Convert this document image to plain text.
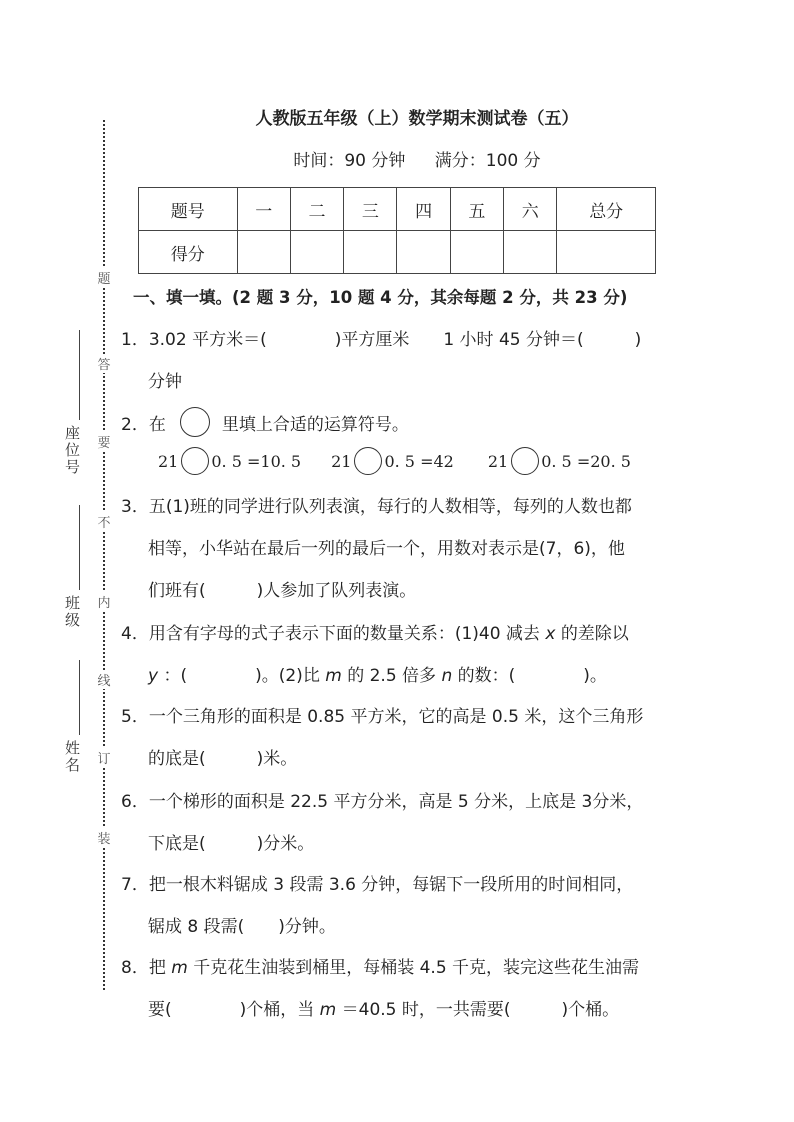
题
答
要
不
内
线
订
装
座位号
班级
姓名
人教版五年级（上）数学期末测试卷（五）
时间：90 分钟 满分：100 分
题号	一	二	三	四	五	六	总分
得分							
一、填一填。(2 题 3 分，10 题 4 分，其余每题 2 分，共 23 分)
1．3.02 平方米＝(　　　　)平方厘米　　1 小时 45 分钟＝(　　　)
分钟
2．在	里填上合适的运算符号。
21 0. 5 =10. 5 21 0. 5 =42 21 0. 5 =20. 5
3．五(1)班的同学进行队列表演，每行的人数相等，每列的人数也都
相等，小华站在最后一列的最后一个，用数对表示是(7，6)，他
们班有(　　　)人参加了队列表演。
4．用含有字母的式子表示下面的数量关系：(1)40 减去 x 的差除以
y ：(　　　　)。(2)比 m 的 2.5 倍多 n 的数：(　　　　)。
5．一个三角形的面积是 0.85 平方米，它的高是 0.5 米，这个三角形
的底是(　　　)米。
6．一个梯形的面积是 22.5 平方分米，高是 5 分米，上底是 3分米，
下底是(　　　)分米。
7．把一根木料锯成 3 段需 3.6 分钟，每锯下一段所用的时间相同，
锯成 8 段需(　　)分钟。
8．把 m 千克花生油装到桶里，每桶装 4.5 千克，装完这些花生油需
要(　　　　)个桶，当 m ＝40.5 时，一共需要(　　　)个桶。
